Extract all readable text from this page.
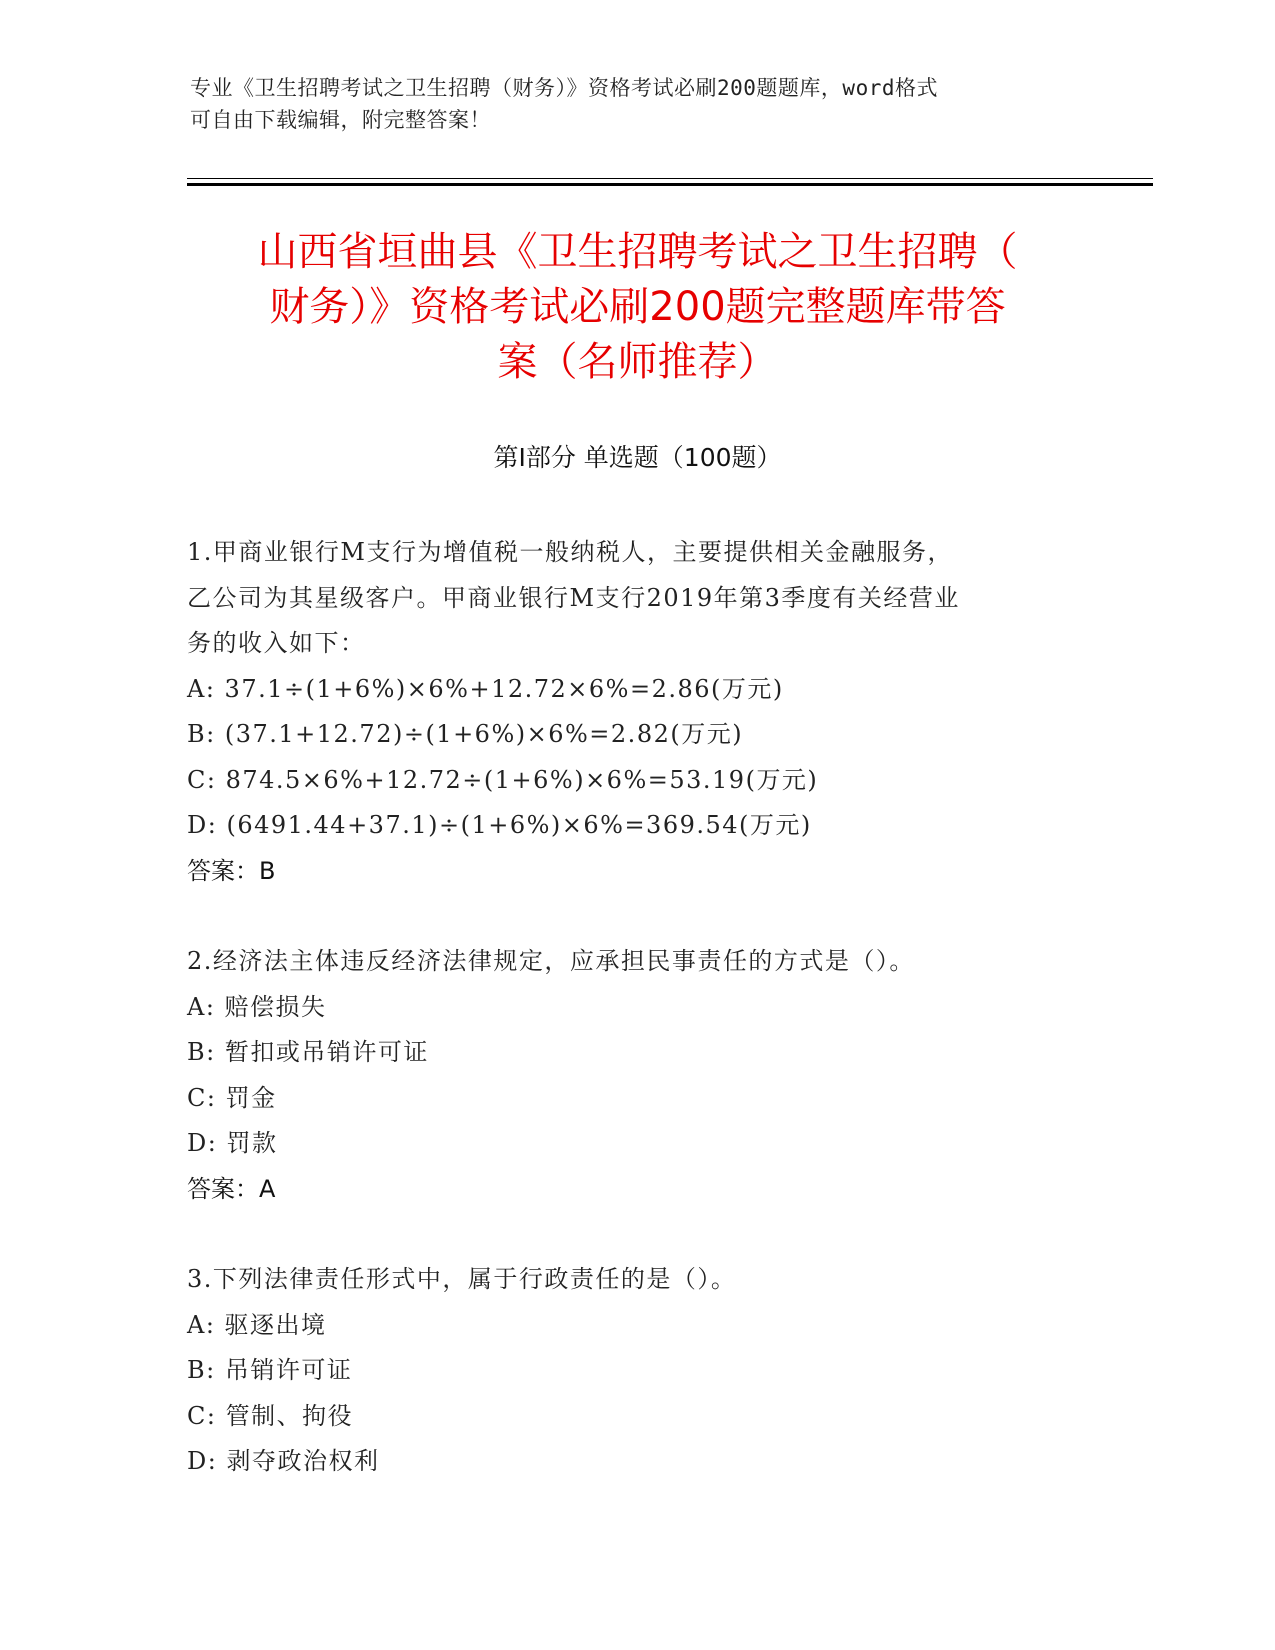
专业《卫生招聘考试之卫生招聘（财务）》资格考试必刷200题题库，word格式
可自由下载编辑，附完整答案！
山西省垣曲县《卫生招聘考试之卫生招聘（
财务）》资格考试必刷200题完整题库带答
案（名师推荐）
第Ⅰ部分 单选题（100题）
1.甲商业银行M支行为增值税一般纳税人，主要提供相关金融服务，
乙公司为其星级客户。甲商业银行M支行2019年第3季度有关经营业
务的收入如下：
A: 37.1÷(1+6%)×6%+12.72×6%=2.86(万元)
B: (37.1+12.72)÷(1+6%)×6%=2.82(万元)
C: 874.5×6%+12.72÷(1+6%)×6%=53.19(万元)
D: (6491.44+37.1)÷(1+6%)×6%=369.54(万元)
答案：B
2.经济法主体违反经济法律规定，应承担民事责任的方式是（）。
A: 赔偿损失
B: 暂扣或吊销许可证
C: 罚金
D: 罚款
答案：A
3.下列法律责任形式中，属于行政责任的是（）。
A: 驱逐出境
B: 吊销许可证
C: 管制、拘役
D: 剥夺政治权利
